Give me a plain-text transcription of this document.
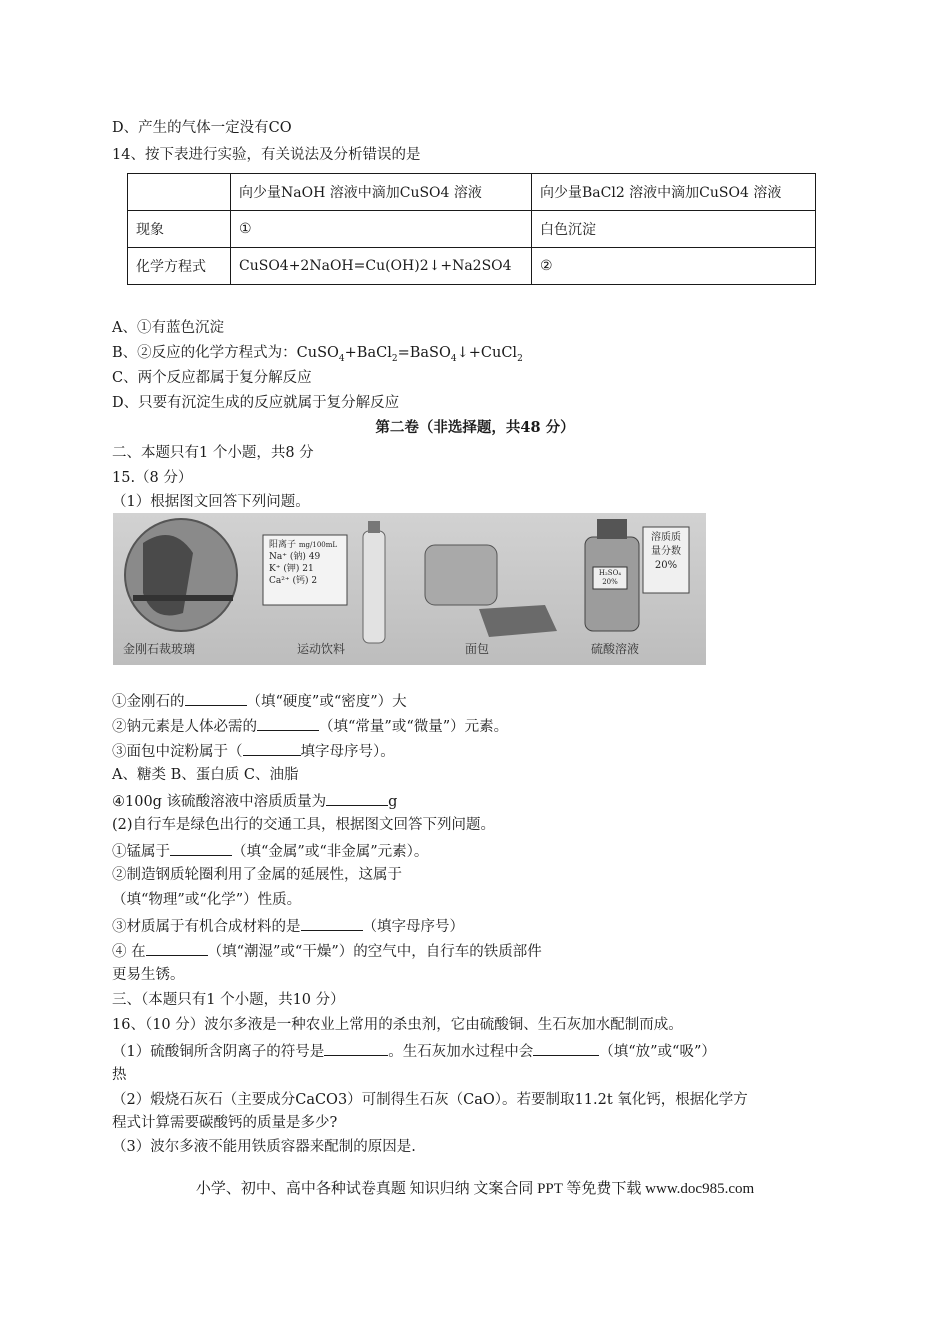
D、产生的气体一定没有CO
14、按下表进行实验，有关说法及分析错误的是
	向少量NaOH 溶液中滴加CuSO4 溶液	向少量BaCl2 溶液中滴加CuSO4 溶液
现象	①	白色沉淀
化学方程式	CuSO4+2NaOH=Cu(OH)2↓+Na2SO4	②
A、①有蓝色沉淀
B、②反应的化学方程式为：CuSO$_4$+BaCl$_2$=BaSO$_4$↓+CuCl$_2$
C、两个反应都属于复分解反应
D、只要有沉淀生成的反应就属于复分解反应
第二卷（非选择题，共48 分）
二、本题只有1 个小题，共8 分
15.（8 分）
（1）根据图文回答下列问题。
阳离子 mg/100mL
Na⁺ (钠) 49
K⁺ (钾) 21
Ca²⁺ (钙) 2
H₂SO₄ 20%
溶质质量分数20%
金刚石裁玻璃	运动饮料	面包	硫酸溶液
①金刚石的	（填“硬度”或“密度”）大
②钠元素是人体必需的	（填“常量”或“微量”）元素。
③面包中淀粉属于（	填字母序号）。
A、糖类 B、蛋白质 C、油脂
④100g 该硫酸溶液中溶质质量为	g
(2)自行车是绿色出行的交通工具，根据图文回答下列问题。
①锰属于	（填“金属”或“非金属”元素）。
②制造钢质轮圈利用了金属的延展性，这属于
（填“物理”或“化学”）性质。
③材质属于有机合成材料的是	（填字母序号）
④ 在	（填“潮湿”或“干燥”）的空气中，自行车的铁质部件
更易生锈。
三、（本题只有1 个小题，共10 分）
16、（10 分）波尔多液是一种农业上常用的杀虫剂，它由硫酸铜、生石灰加水配制而成。
（1）硫酸铜所含阴离子的符号是	。生石灰加水过程中会	（填“放”或“吸”）
热
（2）煅烧石灰石（主要成分CaCO3）可制得生石灰（CaO）。若要制取11.2t 氧化钙，根据化学方
程式计算需要碳酸钙的质量是多少?
（3）波尔多液不能用铁质容器来配制的原因是.
小学、初中、高中各种试卷真题 知识归纳 文案合同 PPT 等免费下载 www.doc985.com
